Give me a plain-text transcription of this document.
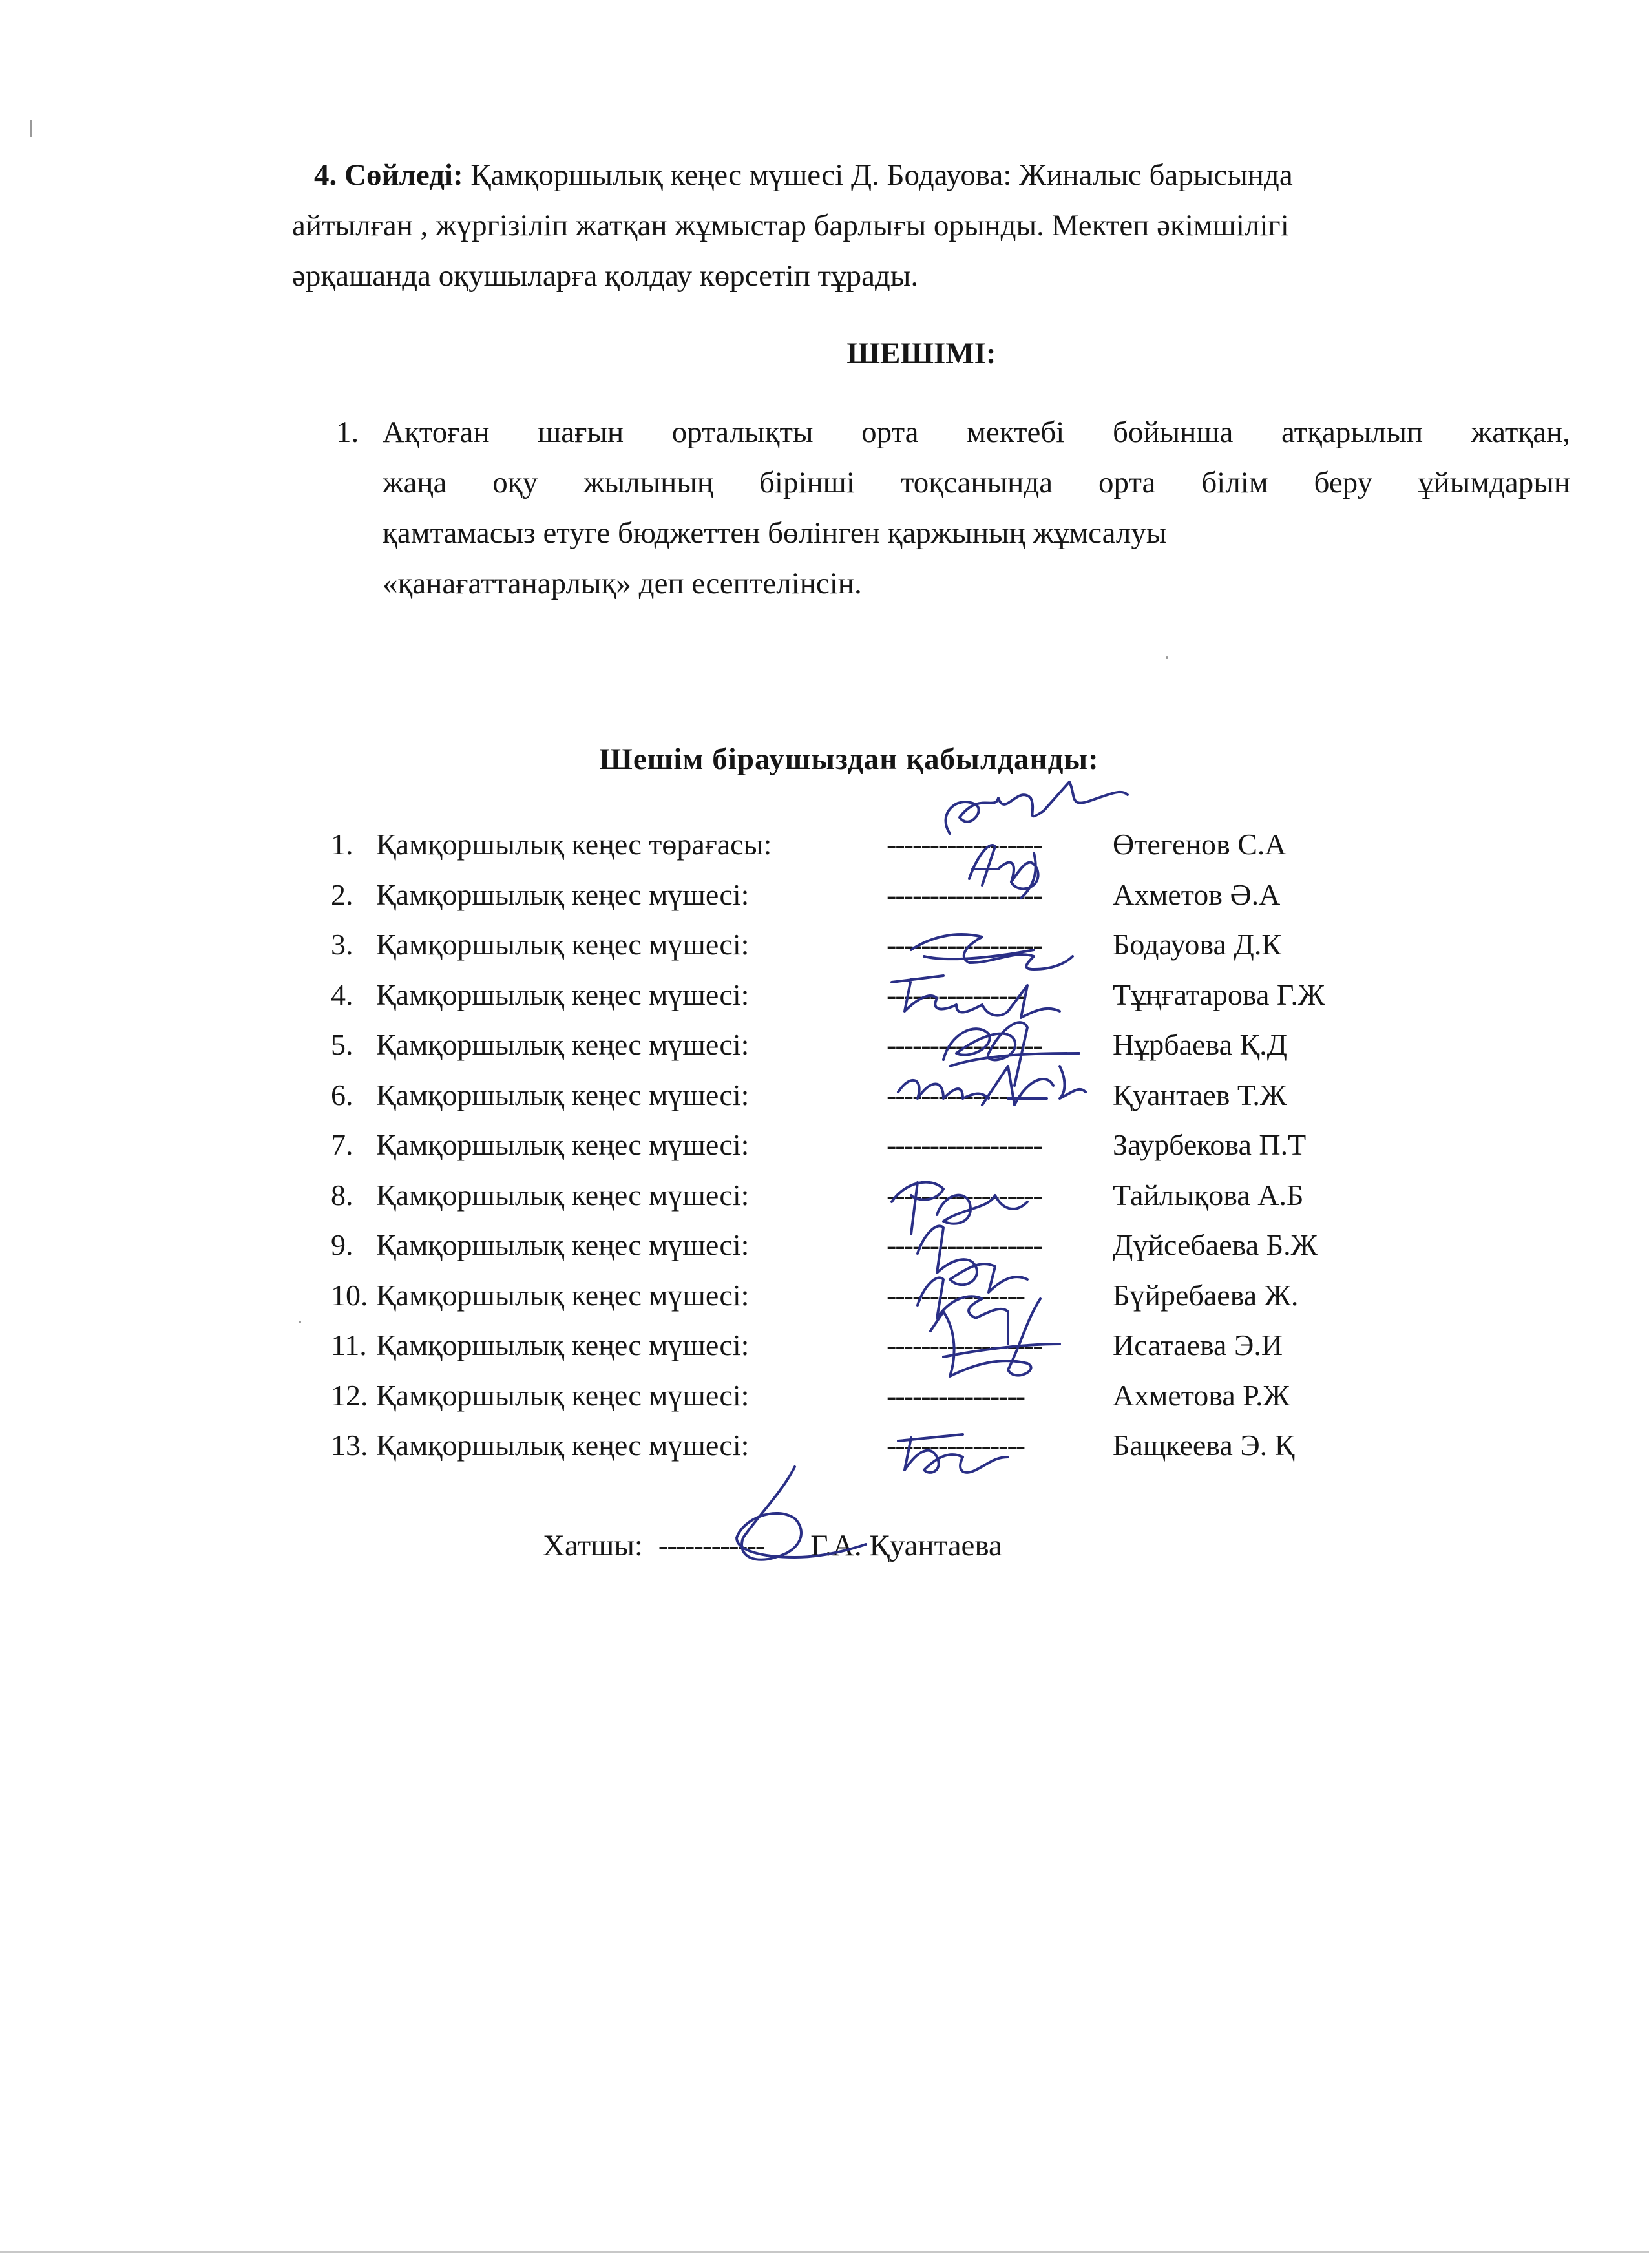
4. Сөйледі: Қамқоршылық кеңес мүшесі Д. Бодауова: Жиналыс барысында
айтылған , жүргізіліп жатқан жұмыстар барлығы орынды. Мектеп әкімшілігі
әрқашанда оқушыларға қолдау көрсетіп тұрады.
ШЕШІМІ:
1. Ақтоған шағын орталықты орта мектебі бойынша атқарылып жатқан,
жаңа оқу жылының бірінші тоқсанында орта білім беру ұйымдарын
қамтамасыз етуге бюджеттен бөлінген қаржының жұмсалуы
«қанағаттанарлық» деп есептелінсін.
Шешім біраушыздан қабылданды:
1. Қамқоршылық кеңес төрағасы:	------------------ Өтегенов С.А
2. Қамқоршылық кеңес мүшесі:	------------------ Ахметов Ә.А
3. Қамқоршылық кеңес мүшесі:	------------------ Бодауова Д.К
4. Қамқоршылық кеңес мүшесі:	----------------	Тұңғатарова Г.Ж
5. Қамқоршылық кеңес мүшесі:	------------------ Нұрбаева Қ.Д
6. Қамқоршылық кеңес мүшесі:	------------------ Қуантаев Т.Ж
7. Қамқоршылық кеңес мүшесі:	------------------ Заурбекова П.Т
8. Қамқоршылық кеңес мүшесі:	------------------ Тайлықова А.Б
9. Қамқоршылық кеңес мүшесі:	------------------ Дүйсебаева Б.Ж
10. Қамқоршылық кеңес мүшесі:	----------------	Бүйребаева Ж.
11. Қамқоршылық кеңес мүшесі:	------------------ Исатаева Э.И
12. Қамқоршылық кеңес мүшесі:	----------------	Ахметова Р.Ж
13. Қамқоршылық кеңес мүшесі:	----------------	Бащкеева Э. Қ
Хатшы: ------------ Г.А. Қуантаева
